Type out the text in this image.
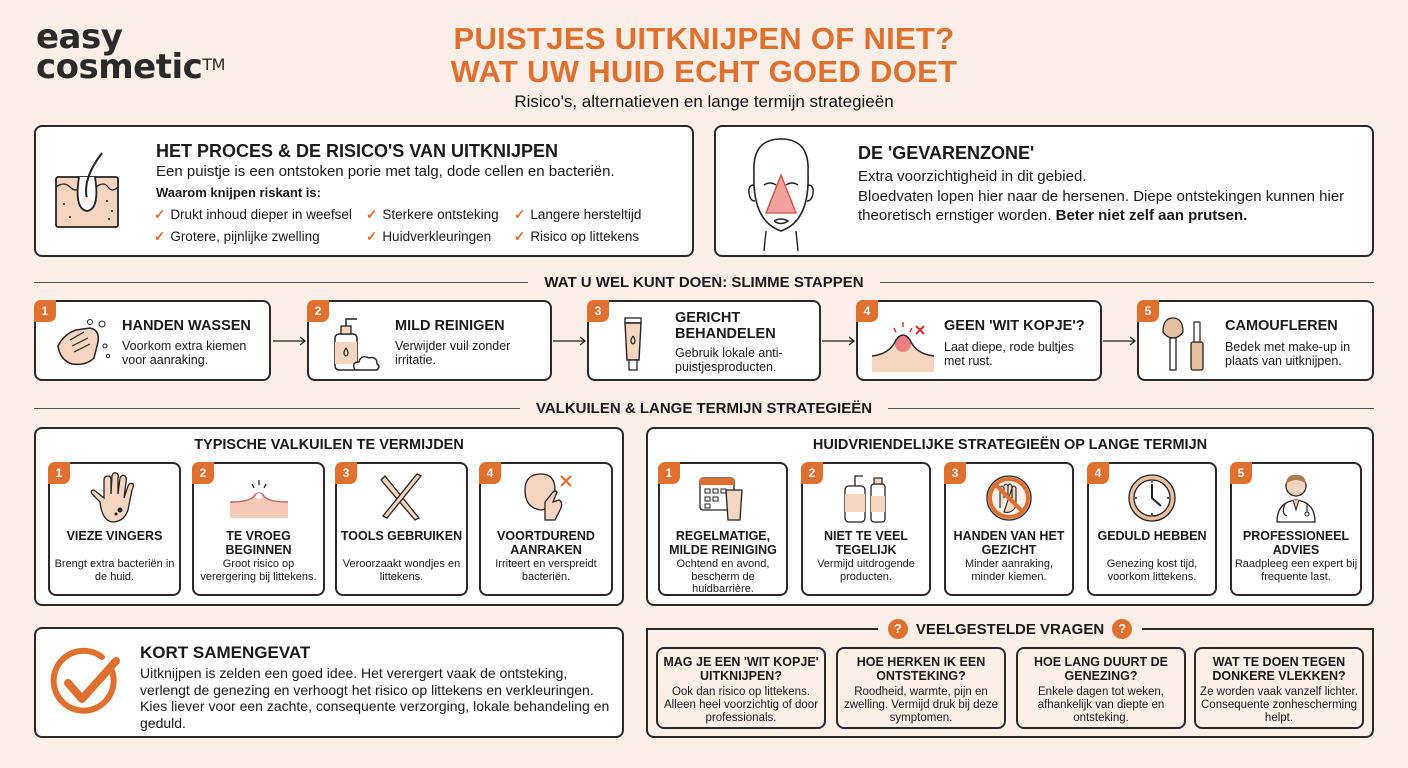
easy
cosmetic™
PUISTJES UITKNIJPEN OF NIET?
WAT UW HUID ECHT GOED DOET
Risico's, alternatieven en lange termijn strategieën
HET PROCES & DE RISICO'S VAN UITKNIJPEN
Een puistje is een ontstoken porie met talg, dode cellen en bacteriën.
Waarom knijpen riskant is:
✓ Drukt inhoud dieper in weefsel	✓ Sterkere ontsteking	✓ Langere hersteltijd
✓ Grotere, pijnlijke zwelling	✓ Huidverkleuringen	✓ Risico op littekens
DE 'GEVARENZONE'
Extra voorzichtigheid in dit gebied.
Bloedvaten lopen hier naar de hersenen. Diepe ontstekingen kunnen hier theoretisch ernstiger worden. Beter niet zelf aan prutsen.
WAT U WEL KUNT DOEN: SLIMME STAPPEN
1
HANDEN WASSEN

Voorkom extra kiemen voor aanraking.

2
MILD REINIGEN

Verwijder vuil zonder irritatie.

3	GERICHT BEHANDELEN

Gebruik lokale anti-puistjesproducten.

4
GEEN 'WIT KOPJE'?

Laat diepe, rode bultjes met rust.

5
CAMOUFLEREN

Bedek met make-up in plaats van uitknijpen.

VALKUILEN & LANGE TERMIJN STRATEGIEËN
TYPISCHE VALKUILEN TE VERMIJDEN
1
VIEZE VINGERS

Brengt extra bacteriën in de huid.

2
TE VROEG BEGINNEN

Groot risico op verergering bij littekens.

3
TOOLS GEBRUIKEN

Veroorzaakt wondjes en littekens.

4
VOORTDUREND AANRAKEN

Irriteert en verspreidt bacteriën.

HUIDVRIENDELIJKE STRATEGIEËN OP LANGE TERMIJN
1
REGELMATIGE, MILDE REINIGING

Ochtend en avond, bescherm de huidbarrière.

2
NIET TE VEEL TEGELIJK

Vermijd uitdrogende producten.

3
HANDEN VAN HET GEZICHT

Minder aanraking, minder kiemen.

4
GEDULD HEBBEN

Genezing kost tijd, voorkom littekens.

5
PROFESSIONEEL ADVIES

Raadpleeg een expert bij frequente last.

KORT SAMENGEVAT

Uitknijpen is zelden een goed idee. Het verergert vaak de ontsteking, verlengt de genezing en verhoogt het risico op littekens en verkleuringen. Kies liever voor een zachte, consequente verzorging, lokale behandeling en geduld.

? VEELGESTELDE VRAGEN	?
MAG JE EEN 'WIT KOPJE' UITKNIJPEN?

Ook dan risico op littekens. Alleen heel voorzichtig of door professionals.

HOE HERKEN IK EEN ONTSTEKING?

Roodheid, warmte, pijn en zwelling. Vermijd druk bij deze symptomen.

HOE LANG DUURT DE GENEZING?

Enkele dagen tot weken, afhankelijk van diepte en ontsteking.

WAT TE DOEN TEGEN DONKERE VLEKKEN?

Ze worden vaak vanzelf lichter. Consequente zonhescherming helpt.
